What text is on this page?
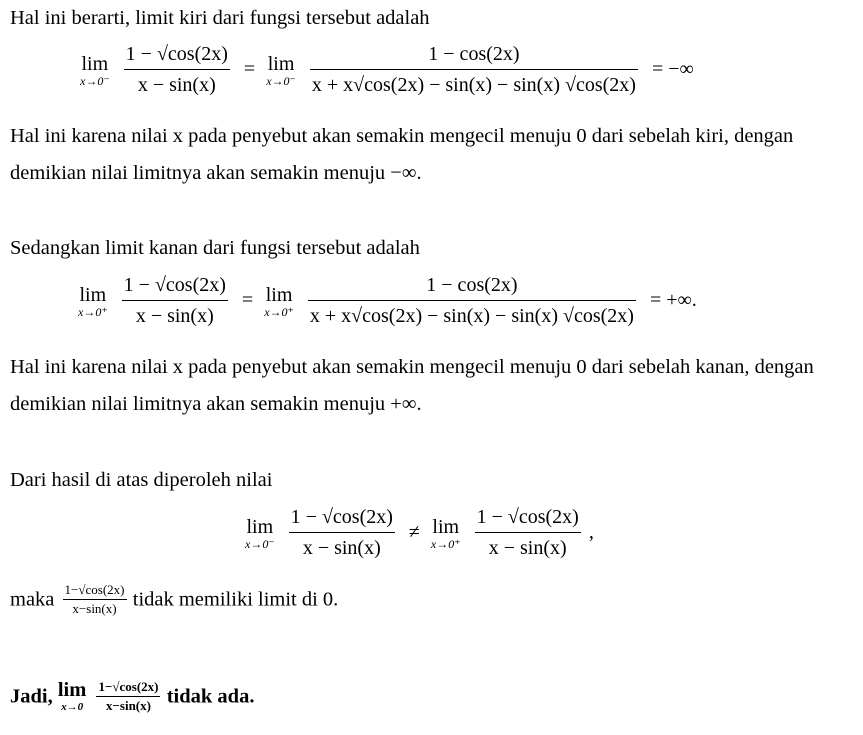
Hal ini berarti, limit kiri dari fungsi tersebut adalah
lim
x→0⁻
$\frac{1 - √\cos(2x)}{x - \sin(x)} = \lim$
x→0⁻
$\frac{1 - \cos(2x)}{x + x√\cos(2x) - \sin(x) - \sin(x) √\cos(2x)}$ = −∞
Hal ini karena nilai x pada penyebut akan semakin mengecil menuju 0 dari sebelah kiri, dengan
demikian nilai limitnya akan semakin menuju −∞.
Sedangkan limit kanan dari fungsi tersebut adalah
lim
x→0⁺
$\frac{1 - √\cos(2x)}{x - \sin(x)} = \lim$
x→0⁺
$\frac{1 - \cos(2x)}{x + x√\cos(2x) - \sin(x) - \sin(x) √\cos(2x)}$ = +∞.
Hal ini karena nilai x pada penyebut akan semakin mengecil menuju 0 dari sebelah kanan, dengan
demikian nilai limitnya akan semakin menuju +∞.
Dari hasil di atas diperoleh nilai
lim
x→0⁻
$\frac{1 - √\cos(2x)}{x - \sin(x)} \ne \lim$
x→0⁺
$\frac{1 - √\cos(2x)}{x - \sin(x)}$ ,
maka $\frac{1-√\cos(2x)}{x-\sin(x)}$ tidak memiliki limit di 0.
Jadi, lim
x→0
$\frac{1-√\cos(2x)}{x-\sin(x)}$ tidak ada.
